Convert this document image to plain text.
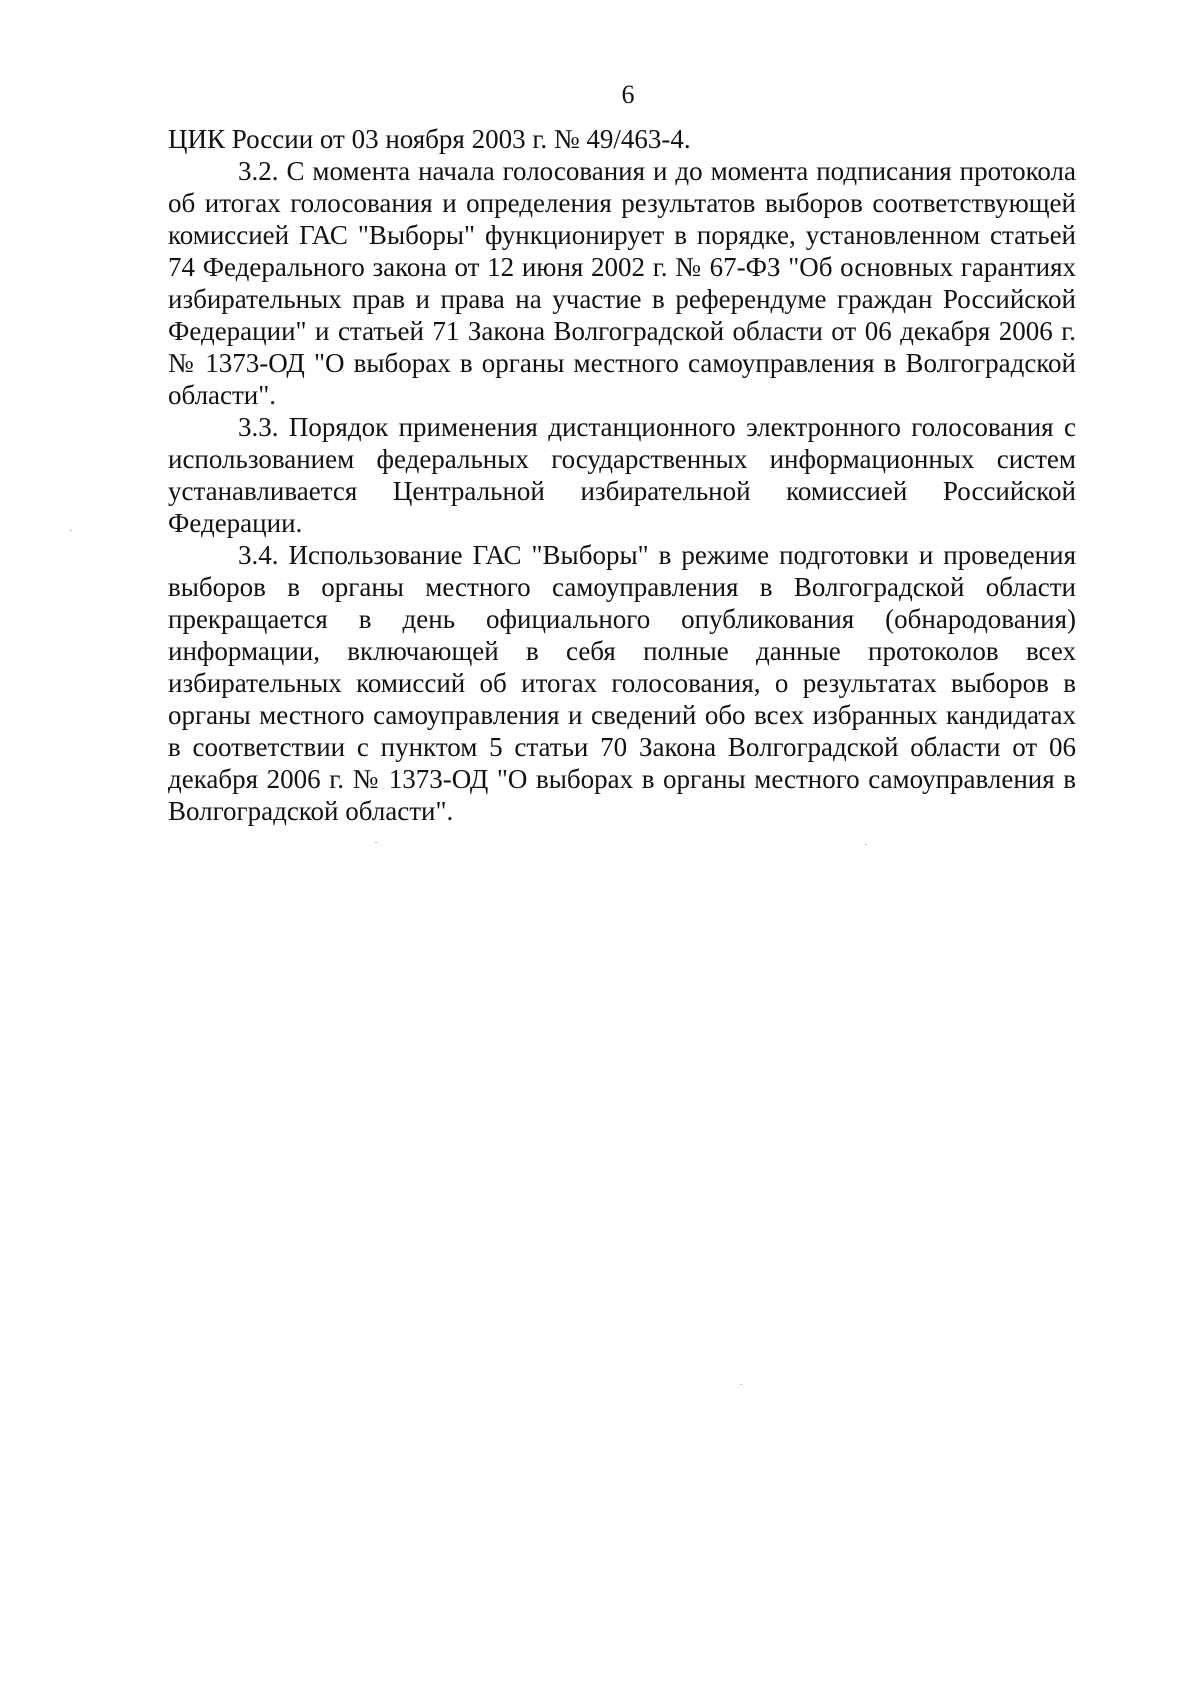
6

ЦИК России от 03 ноября 2003 г. № 49/463-4.

3.2. С момента начала голосования и до момента подписания протокола об итогах голосования и определения результатов выборов соответствующей комиссией ГАС "Выборы" функционирует в порядке, установленном статьей 74 Федерального закона от 12 июня 2002 г. № 67-ФЗ "Об основных гарантиях избирательных прав и права на участие в референдуме граждан Российской Федерации" и статьей 71 Закона Волгоградской области от 06 декабря 2006 г. № 1373-ОД "О выборах в органы местного самоуправления в Волгоградской области".

3.3. Порядок применения дистанционного электронного голосования с использованием федеральных государственных информационных систем устанавливается Центральной избирательной комиссией Российской Федерации.

3.4. Использование ГАС "Выборы" в режиме подготовки и проведения выборов в органы местного самоуправления в Волгоградской области прекращается в день официального опубликования (обнародования) информации, включающей в себя полные данные протоколов всех избирательных комиссий об итогах голосования, о результатах выборов в органы местного самоуправления и сведений обо всех избранных кандидатах в соответствии с пунктом 5 статьи 70 Закона Волгоградской области от 06 декабря 2006 г. № 1373-ОД "О выборах в органы местного самоуправления в Волгоградской области".
